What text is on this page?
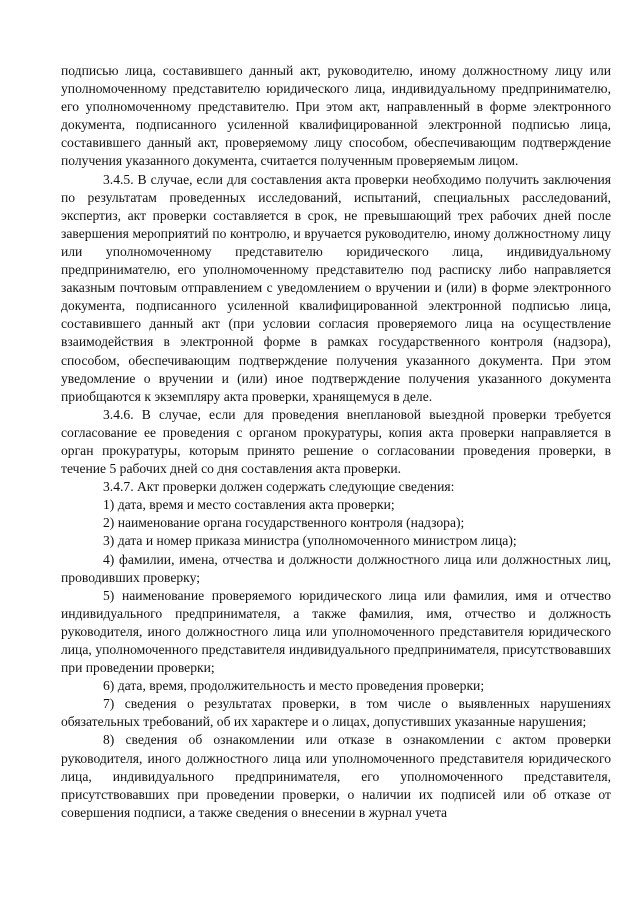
подписью лица, составившего данный акт, руководителю, иному должностному лицу или уполномоченному представителю юридического лица, индивидуальному предпринимателю, его уполномоченному представителю. При этом акт, направленный в форме электронного документа, подписанного усиленной квалифицированной электронной подписью лица, составившего данный акт, проверяемому лицу способом, обеспечивающим подтверждение получения указанного документа, считается полученным проверяемым лицом.

3.4.5. В случае, если для составления акта проверки необходимо получить заключения по результатам проведенных исследований, испытаний, специальных расследований, экспертиз, акт проверки составляется в срок, не превышающий трех рабочих дней после завершения мероприятий по контролю, и вручается руководителю, иному должностному лицу или уполномоченному представителю юридического лица, индивидуальному предпринимателю, его уполномоченному представителю под расписку либо направляется заказным почтовым отправлением с уведомлением о вручении и (или) в форме электронного документа, подписанного усиленной квалифицированной электронной подписью лица, составившего данный акт (при условии согласия проверяемого лица на осуществление взаимодействия в электронной форме в рамках государственного контроля (надзора), способом, обеспечивающим подтверждение получения указанного документа. При этом уведомление о вручении и (или) иное подтверждение получения указанного документа приобщаются к экземпляру акта проверки, хранящемуся в деле.

3.4.6. В случае, если для проведения внеплановой выездной проверки требуется согласование ее проведения с органом прокуратуры, копия акта проверки направляется в орган прокуратуры, которым принято решение о согласовании проведения проверки, в течение 5 рабочих дней со дня составления акта проверки.

3.4.7. Акт проверки должен содержать следующие сведения:

1) дата, время и место составления акта проверки;

2) наименование органа государственного контроля (надзора);

3) дата и номер приказа министра (уполномоченного министром лица);

4) фамилии, имена, отчества и должности должностного лица или должностных лиц, проводивших проверку;

5) наименование проверяемого юридического лица или фамилия, имя и отчество индивидуального предпринимателя, а также фамилия, имя, отчество и должность руководителя, иного должностного лица или уполномоченного представителя юридического лица, уполномоченного представителя индивидуального предпринимателя, присутствовавших при проведении проверки;

6) дата, время, продолжительность и место проведения проверки;

7) сведения о результатах проверки, в том числе о выявленных нарушениях обязательных требований, об их характере и о лицах, допустивших указанные нарушения;

8) сведения об ознакомлении или отказе в ознакомлении с актом проверки руководителя, иного должностного лица или уполномоченного представителя юридического лица, индивидуального предпринимателя, его уполномоченного представителя, присутствовавших при проведении проверки, о наличии их подписей или об отказе от совершения подписи, а также сведения о внесении в журнал учета
